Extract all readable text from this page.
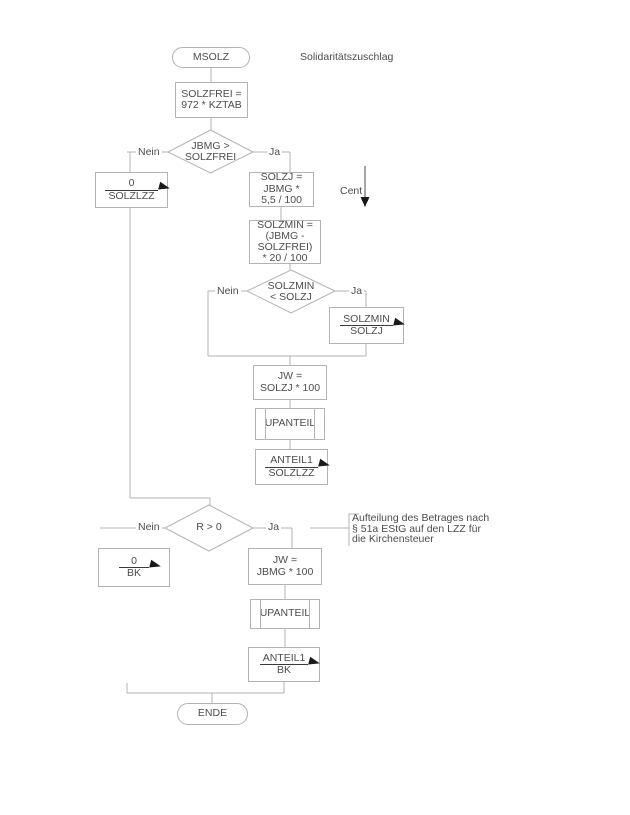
Solidaritätszuschlag
MSOLZ
SOLZFREI =
972 * KZTAB
JBMG >
SOLZFREI
Nein	Ja
$\frac{0}{\text{SOLZLZZ}}$
SOLZJ =
JBMG *
5,5 / 100
Cent
SOLZMIN =
(JBMG -
SOLZFREI)
* 20 / 100
SOLZMIN
< SOLZJ
Nein	Ja
$\frac{\text{SOLZMIN}}{\text{SOLZJ}}$
JW =
SOLZJ * 100
UPANTEIL
$\frac{\text{ANTEIL1}}{\text{SOLZLZZ}}$
R > 0
Nein	Ja
$\frac{0}{BK}$	JW =
JBMG * 100
Aufteilung des Betrages nach
§ 51a EStG auf den LZZ für
die Kirchensteuer
UPANTEIL
$\frac{\text{ANTEIL1}}{BK}$
ENDE
